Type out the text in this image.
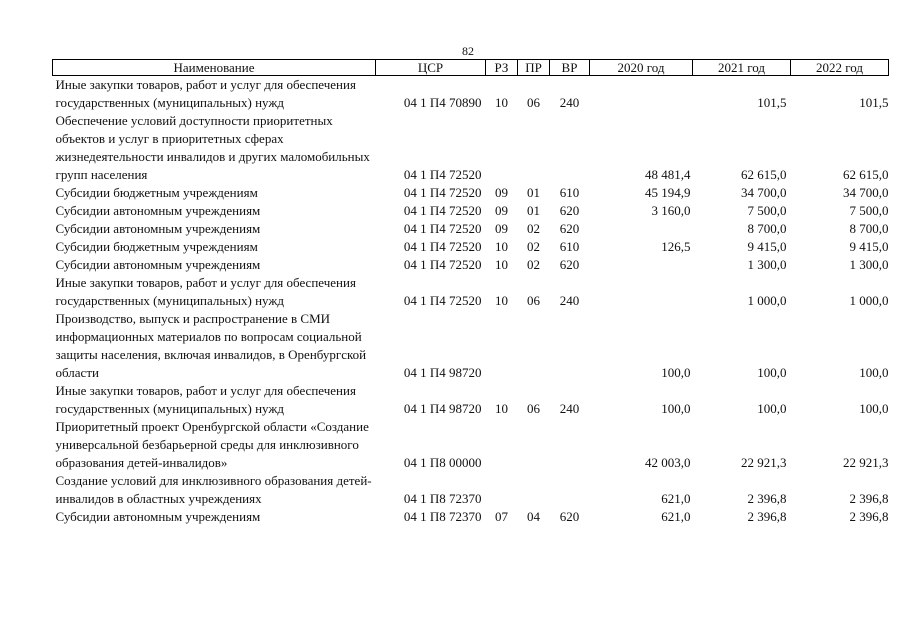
82
Наименование	ЦСР	РЗ	ПР	ВР	2020 год	2021 год	2022 год
Иные закупки товаров, работ и услуг для обеспечения государственных (муниципальных) нужд	04 1 П4 70890	10	06	240		101,5	101,5
Обеспечение условий доступности приоритетных объектов и услуг в приоритетных сферах жизнедеятельности инвалидов и других маломобильных групп населения	04 1 П4 72520				48 481,4	62 615,0	62 615,0
Субсидии бюджетным учреждениям	04 1 П4 72520	09	01	610	45 194,9	34 700,0	34 700,0
Субсидии автономным учреждениям	04 1 П4 72520	09	01	620	3 160,0	7 500,0	7 500,0
Субсидии автономным учреждениям	04 1 П4 72520	09	02	620		8 700,0	8 700,0
Субсидии бюджетным учреждениям	04 1 П4 72520	10	02	610	126,5	9 415,0	9 415,0
Субсидии автономным учреждениям	04 1 П4 72520	10	02	620		1 300,0	1 300,0
Иные закупки товаров, работ и услуг для обеспечения государственных (муниципальных) нужд	04 1 П4 72520	10	06	240		1 000,0	1 000,0
Производство, выпуск и распространение в СМИ информационных материалов по вопросам социальной защиты населения, включая инвалидов, в Оренбургской области	04 1 П4 98720				100,0	100,0	100,0
Иные закупки товаров, работ и услуг для обеспечения государственных (муниципальных) нужд	04 1 П4 98720	10	06	240	100,0	100,0	100,0
Приоритетный проект Оренбургской области «Создание универсальной безбарьерной среды для инклюзивного образования детей-инвалидов»	04 1 П8 00000				42 003,0	22 921,3	22 921,3
Создание условий для инклюзивного образования детей-инвалидов в областных учреждениях	04 1 П8 72370				621,0	2 396,8	2 396,8
Субсидии автономным учреждениям	04 1 П8 72370	07	04	620	621,0	2 396,8	2 396,8
